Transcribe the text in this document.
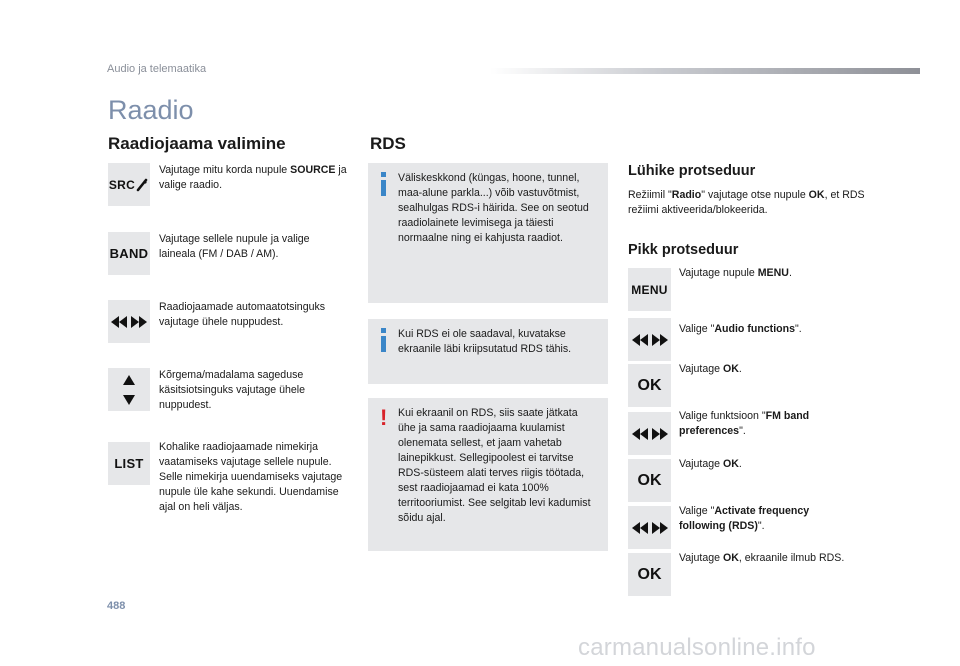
Audio ja telemaatika
Raadio
Raadiojaama valimine
SRC
Vajutage mitu korda nupule SOURCE ja valige raadio.
BAND
Vajutage sellele nupule ja valige laineala (FM / DAB / AM).
Raadiojaamade automaatotsinguks vajutage ühele nuppudest.
Kõrgema/madalama sageduse käsitsiotsinguks vajutage ühele nuppudest.
LIST
Kohalike raadiojaamade nimekirja vaatamiseks vajutage sellele nupule. Selle nimekirja uuendamiseks vajutage nupule üle kahe sekundi. Uuendamise ajal on heli väljas.
RDS
Väliskeskkond (küngas, hoone, tunnel, maa-alune parkla...) võib vastuvõtmist, sealhulgas RDS-i häirida. See on seotud raadiolainete levimisega ja täiesti normaalne ning ei kahjusta raadiot.
Kui RDS ei ole saadaval, kuvatakse ekraanile läbi kriipsutatud RDS tähis.
! Kui ekraanil on RDS, siis saate jätkata ühe ja sama raadiojaama kuulamist olenemata sellest, et jaam vahetab lainepikkust. Sellegipoolest ei tarvitse RDS-süsteem alati terves riigis töötada, sest raadiojaamad ei kata 100% territooriumist. See selgitab levi kadumist sõidu ajal.
Lühike protseduur
Režiimil "Radio" vajutage otse nupule OK, et RDS režiimi aktiveerida/blokeerida.
Pikk protseduur
MENU
Vajutage nupule MENU.
Valige "Audio functions".
OK
Vajutage OK.
Valige funktsioon "FM band preferences".
OK
Vajutage OK.
Valige "Activate frequency following (RDS)".
OK
Vajutage OK, ekraanile ilmub RDS.
488
carmanualsonline.info
